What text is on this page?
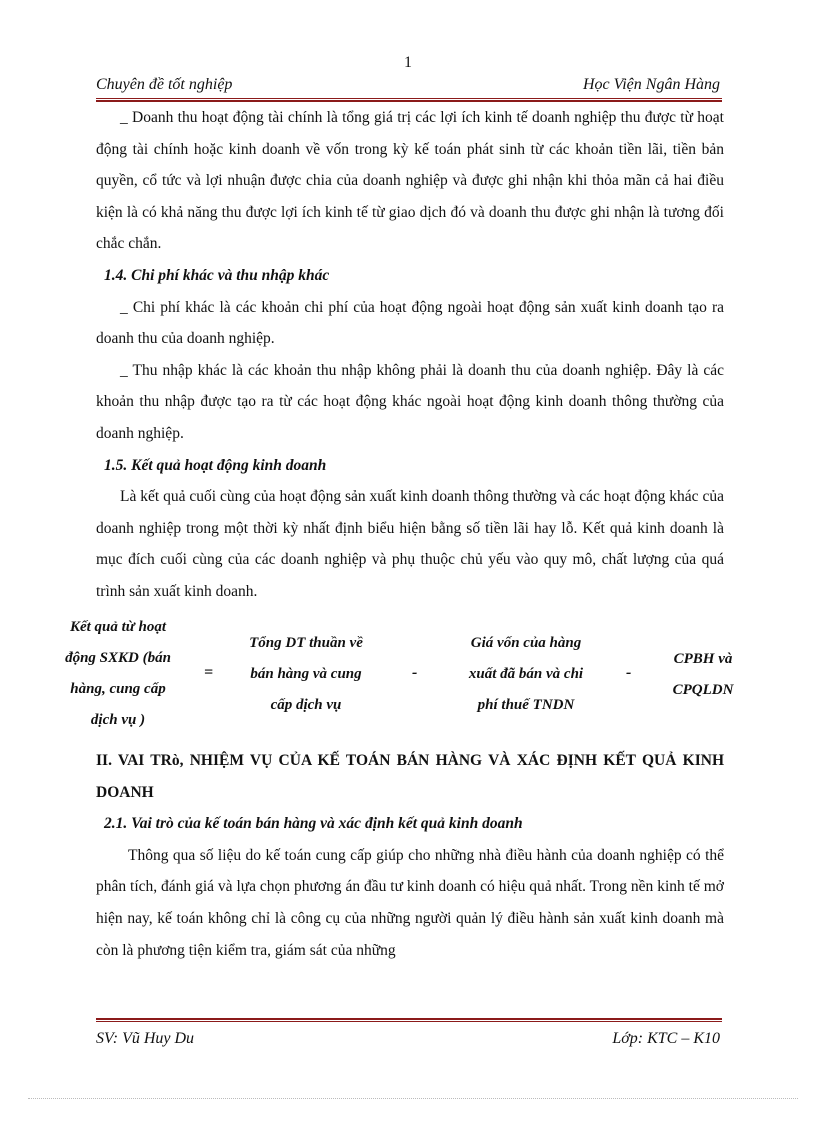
1
Chuyên đề tốt nghiệp	Học Viện Ngân Hàng

_ Doanh thu hoạt động tài chính là tổng giá trị các lợi ích kinh tế doanh nghiệp thu được từ hoạt động tài chính hoặc kinh doanh về vốn trong kỳ kế toán phát sinh từ các khoản tiền lãi, tiền bản quyền, cổ tức và lợi nhuận được chia của doanh nghiệp và được ghi nhận khi thỏa mãn cả hai điều kiện là có khả năng thu được lợi ích kinh tế từ giao dịch đó và doanh thu được ghi nhận là tương đối chắc chắn.

1.4. Chi phí khác và thu nhập khác

_ Chi phí khác là các khoản chi phí của hoạt động ngoài hoạt động sản xuất kinh doanh tạo ra doanh thu của doanh nghiệp.

_ Thu nhập khác là các khoản thu nhập không phải là doanh thu của doanh nghiệp. Đây là các khoản thu nhập được tạo ra từ các hoạt động khác ngoài hoạt động kinh doanh thông thường của doanh nghiệp.

1.5. Kết quả hoạt động kinh doanh

Là kết quả cuối cùng của hoạt động sản xuất kinh doanh thông thường và các hoạt động khác của doanh nghiệp trong một thời kỳ nhất định biểu hiện bằng số tiền lãi hay lỗ. Kết quả kinh doanh là mục đích cuối cùng của các doanh nghiệp và phụ thuộc chủ yếu vào quy mô, chất lượng của quá trình sản xuất kinh doanh.

Kết quả từ hoạt
động SXKD (bán
hàng, cung cấp
dịch vụ )
=
Tổng DT thuần về
bán hàng và cung
cấp dịch vụ
-
Giá vốn của hàng
xuất đã bán và chi
phí thuế TNDN
-
CPBH và
CPQLDN

II. VAI TRò, NHIỆM VỤ CỦA KẾ TOÁN BÁN HÀNG VÀ XÁC ĐỊNH KẾT QUẢ KINH DOANH

2.1. Vai trò của kế toán bán hàng và xác định kết quả kinh doanh

Thông qua số liệu do kế toán cung cấp giúp cho những nhà điều hành của doanh nghiệp có thể phân tích, đánh giá và lựa chọn phương án đầu tư kinh doanh có hiệu quả nhất. Trong nền kinh tế mở hiện nay, kế toán không chỉ là công cụ của những người quản lý điều hành sản xuất kinh doanh mà còn là phương tiện kiểm tra, giám sát của những

SV: Vũ Huy Du	Lớp: KTC – K10
